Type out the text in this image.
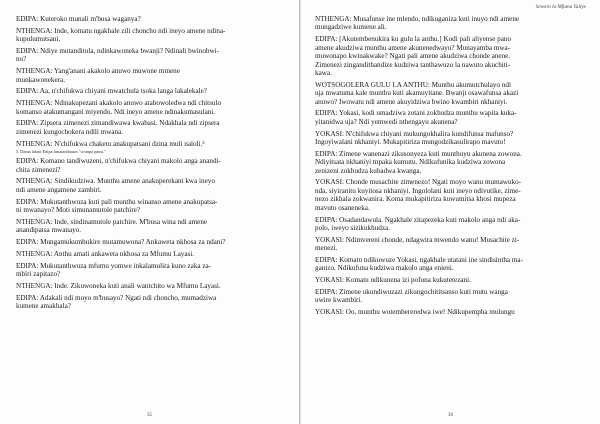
EDIPA: Kuteroko munali m'busa waganya?
NTHENGA: Inde, komatu ngakhale zili choncho ndi ineyo amene ndina-
kupulumutsani.
EDIPA: Ndiye mutanditola, ndinkawoneka bwanji? Ndinali bwinobwi-
no?
NTHENGA: Yang'anani akakolo anuwo muwone mmene
munkawonekera.
EDIPA: Aa, n'chifukwa chiyani mwatchula tsoka langa lakalekale?
NTHENGA: Ndinakupezani akakolo anuwo atabowoledwa ndi chitsulo
komanso atakumangani miyendo. Ndi ineyo amene ndinakumasulani.
EDIPA: Zipsera zimenezi zimandiwawa kwabasi. Ndakhala ndi zipsera
zimenezi kungochokera ndili mwana.
NTHENGA: N'chifukwa chaketu anakupatsani dzina muli naloli.⁵
5. Dzina lakuti Edipa limatanthauza "wotupa pansi."
EDIPA: Komano tandiwuzeni, n'chifukwa chiyani makolo anga anandi-
chita zimenezi?
NTHENGA: Sindikudziwa. Munthu amene anakuperekani kwa ineyo
ndi amene angamene zambiri.
EDIPA: Mukutanthwuza kuti pali munthu winanso amene anakupatsa-
ni mwanayo? Moti simunamutole patchire?
NTHENGA: Inde, sindinamutole patchire. M'busa wina ndi amene
anandipatsa mwanayo.
EDIPA: Mungamukumbukire mutamuwona? Ankaweta nkhosa za ndani?
NTHENGA: Anthu amati ankaweta nkhosa za Mfumu Layasi.
EDIPA: Mukutanthwuza mfumu yomwe inkalamulira kuno zaka za-
mbiri zapitazo?
NTHENGA: Inde. Zikuwoneka kuti anali wantchito wa Mfumu Layasi.
EDIPA: Adakali ndi moyo m'busayo? Ngati ndi choncho, mumadziwa
kumene amakhala?
35
Sewero la Mfumu Yaliye
NTHENGA: Musafunse ine mlendo, ndikuganiza kuti inuyo ndi amene
mungadziwe kumene ali.
EDIPA: [Akutembenukira ku gulu la anthu.] Kodi pali aliyense pano
amene akudziwa munthu amene akunenedwayu? Munayamba mwa-
muwonapo kwinakwake? Ngati pali amene akudziwa chonde anene.
Zimenezi zingandithandize kudziwa tanthawuzo la nawuto akuchiti-
kawa.
WOTSOGOLERA GULU LA ANTHU: Munthu akumutchulayo ndi
uja mwatuma kale munthu kuti akamuyitane. Bwanji osawafunsa akazi
anuwo? Iwowatu ndi amene akuyidziwa bwino kwambiri nkhaniyi.
EDIPA: Yokasi, kodi umadziwa zotani zokhudza munthu wapita kuka-
yitanidwa uja? Ndi yemwedi nthengayu akunena?
YOKASI: N'chifukwa chiyani mukungokhalira kundifunsa mafunso?
Ingoyiwalani nkhaniyi. Mukapitiriza mungodzikasulirapo mavuto!
EDIPA: Zimene wanenazi zikusonyeza kuti munthuyu akunena zowona.
Ndiyitsata nkhaniyi mpaka kumutu. Ndikufunika kudziwa zowona
zenizeni zokhudza kubadwa kwanga.
YOKASI: Chonde musachite zimenezo! Ngati moyo wanu mumawuko-
nda, siyiranitu kuyitosa nkhaniyi. Ingololani kuti ineyo ndivutike, zime-
nezo zikhala zokwanira. Koma mukapitiriza kuwumitsa khosi mupeza
mavuto osaneneka.
EDIPA: Osadandawula. Ngakhale zitapezeka kuti makolo anga ndi aka-
polo, iweyo sizikukhudza.
YOKASI: Ndimvereni chonde, ndagwira mwendo wanu! Musachite zi-
menezi.
EDIPA: Komatu ndikuwuze Yokasi, ngakhale utatani ine sindisintha ma-
ganizo. Ndikufuna kudziwa makolo anga enieni.
YOKASI: Komatu ndikunena izi pofuna kukutetezani.
EDIPA: Zimene ukundiwuzazi zikungochititsanso kuti mutu wanga
uwire kwambiri.
YOKASI: Oo, munthu wotembereredwa iwe! Ndikupempha mulungu
36
